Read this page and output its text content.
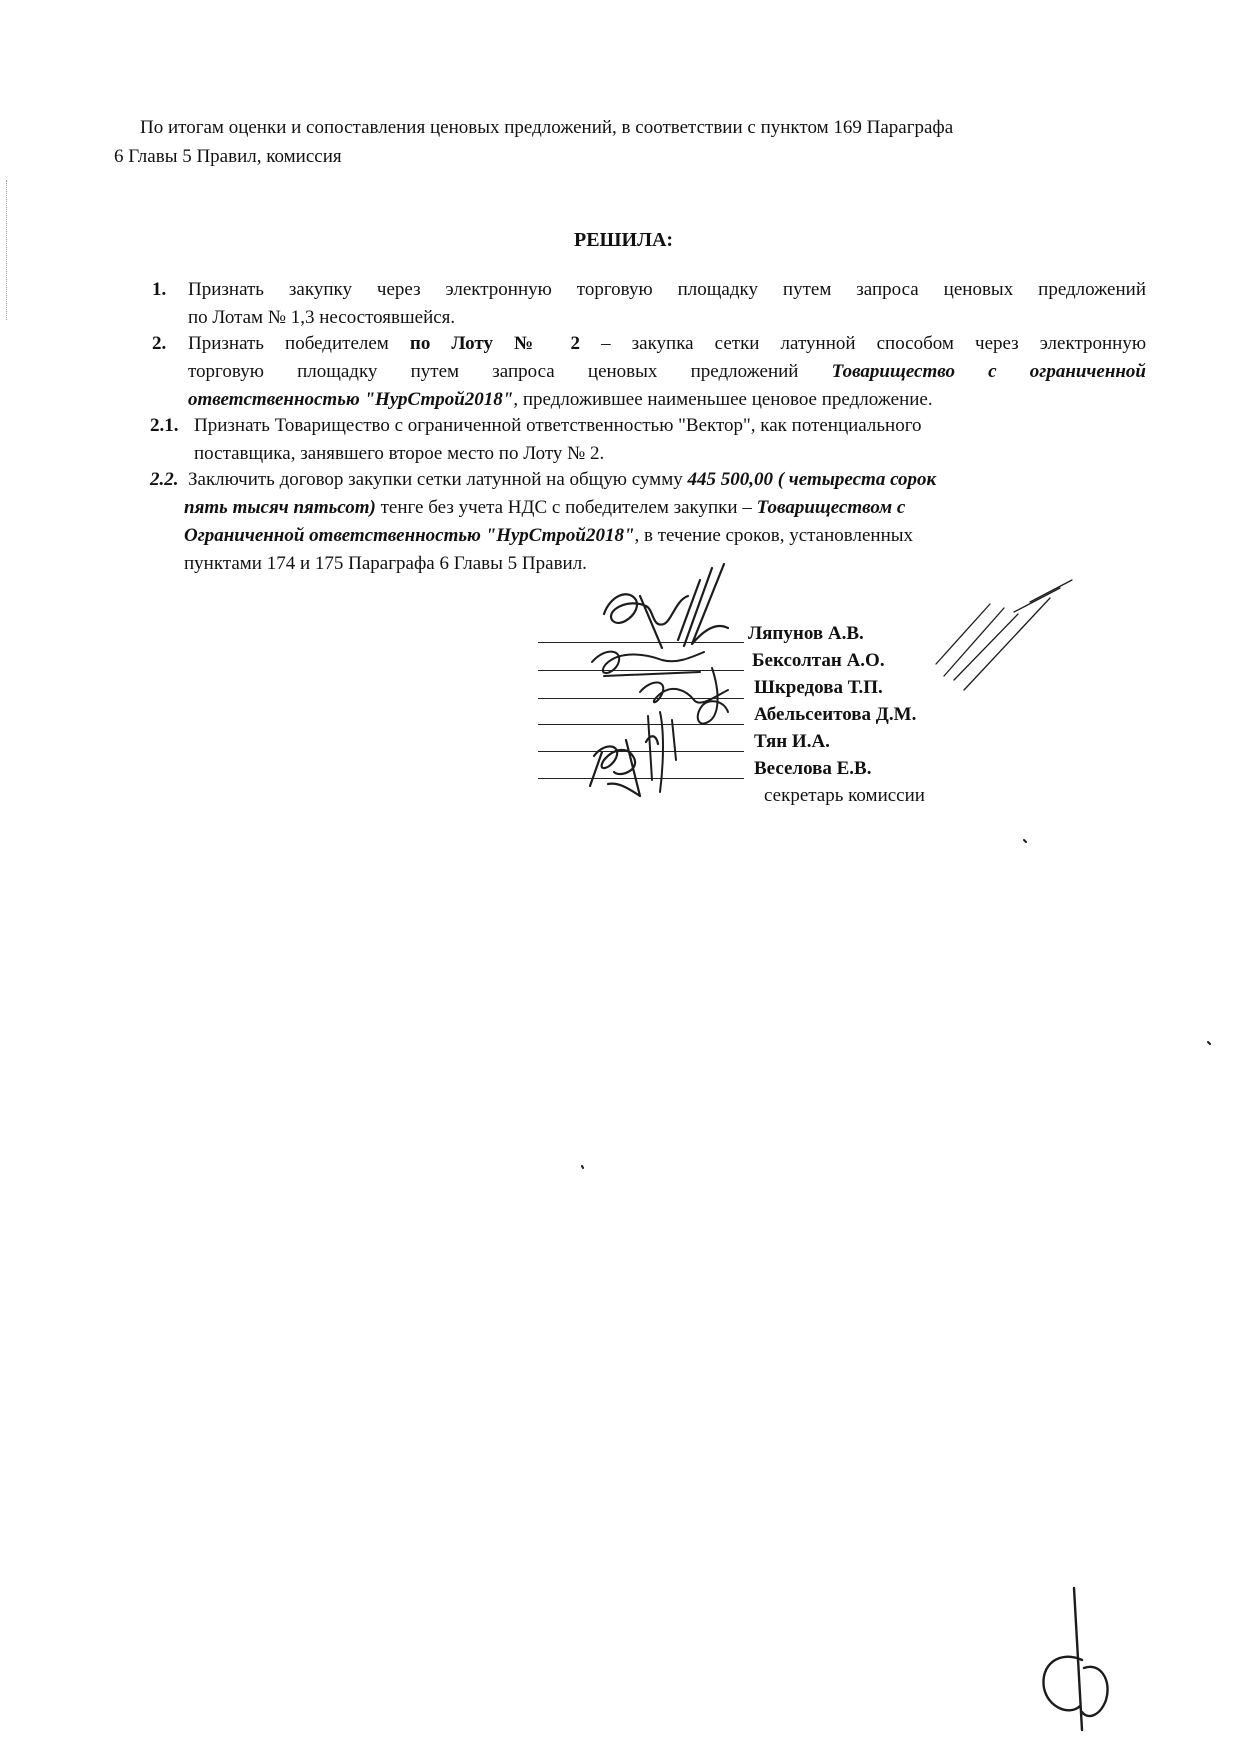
По итогам оценки и сопоставления ценовых предложений, в соответствии с пунктом 169 Параграфа
6 Главы 5 Правил, комиссия
РЕШИЛА:
1. Признать закупку через электронную торговую площадку путем запроса ценовых предложений
по Лотам № 1,3 несостоявшейся.
2. Признать победителем по Лоту № 2 – закупка сетки латунной способом через электронную
торговую площадку путем запроса ценовых предложений Товарищество с ограниченной
ответственностью "НурСтрой2018", предложившее наименьшее ценовое предложение.
2.1. Признать Товарищество с ограниченной ответственностью "Вектор", как потенциального
поставщика, занявшего второе место по Лоту № 2.
2.2. Заключить договор закупки сетки латунной на общую сумму 445 500,00 ( четыреста сорок
пять тысяч пятьсот) тенге без учета НДС с победителем закупки – Товариществом с
Ограниченной ответственностью "НурСтрой2018", в течение сроков, установленных
пунктами 174 и 175 Параграфа 6 Главы 5 Правил.
Ляпунов А.В.
Бексолтан А.О.
Шкредова Т.П.
Абельсеитова Д.М.
Тян И.А.
Веселова Е.В.
секретарь комиссии
